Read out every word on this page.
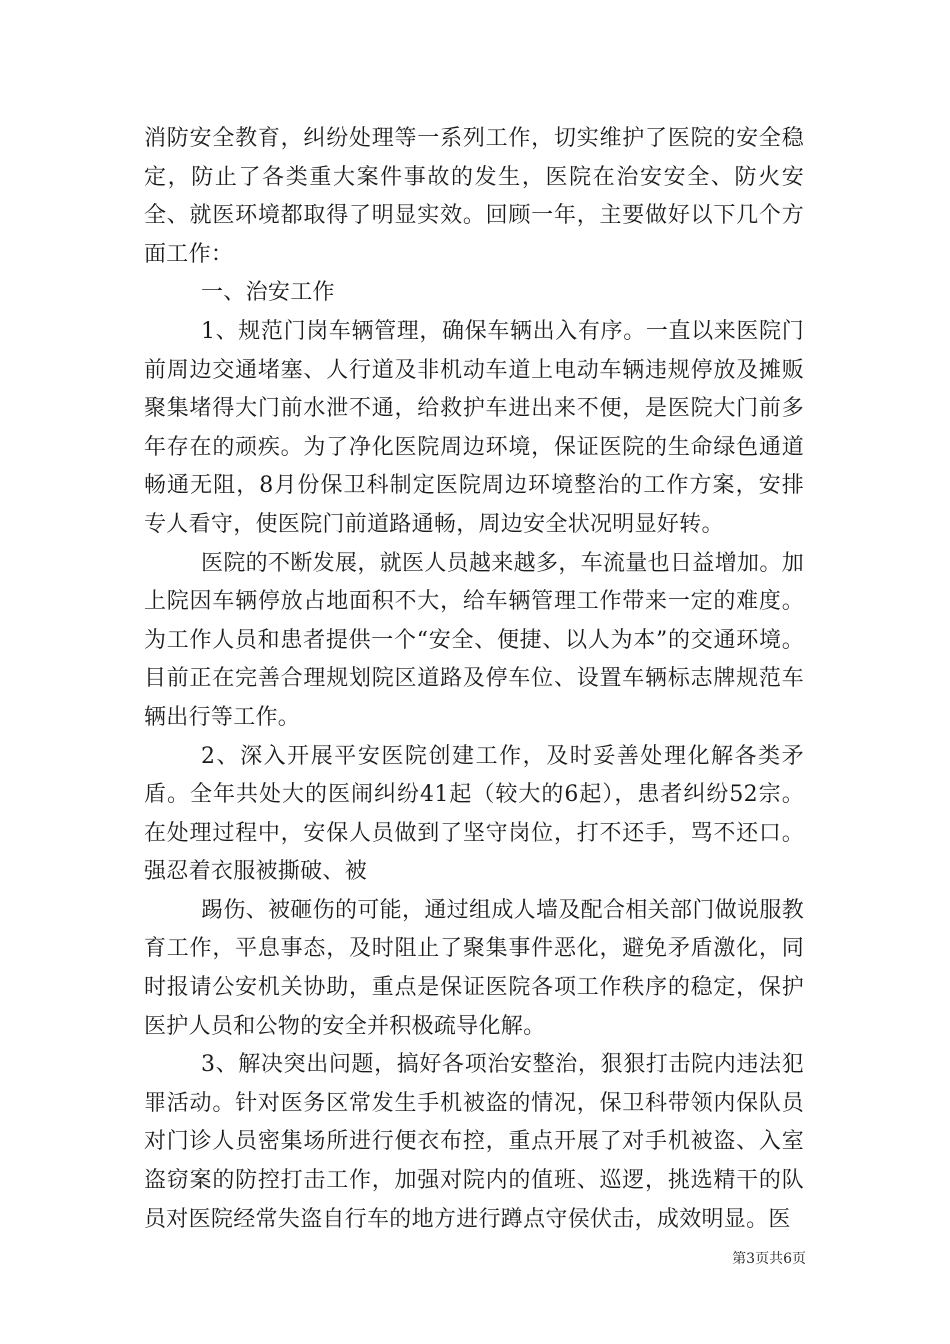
消防安全教育，纠纷处理等一系列工作，切实维护了医院的安全稳定，防止了各类重大案件事故的发生，医院在治安安全、防火安全、就医环境都取得了明显实效。回顾一年，主要做好以下几个方面工作：

一、治安工作

1、规范门岗车辆管理，确保车辆出入有序。一直以来医院门前周边交通堵塞、人行道及非机动车道上电动车辆违规停放及摊贩聚集堵得大门前水泄不通，给救护车进出来不便，是医院大门前多年存在的顽疾。为了净化医院周边环境，保证医院的生命绿色通道畅通无阻，8月份保卫科制定医院周边环境整治的工作方案，安排专人看守，使医院门前道路通畅，周边安全状况明显好转。

医院的不断发展，就医人员越来越多，车流量也日益增加。加上院因车辆停放占地面积不大，给车辆管理工作带来一定的难度。为工作人员和患者提供一个“安全、便捷、以人为本”的交通环境。目前正在完善合理规划院区道路及停车位、设置车辆标志牌规范车辆出行等工作。

2、深入开展平安医院创建工作，及时妥善处理化解各类矛盾。全年共处大的医闹纠纷41起（较大的6起），患者纠纷52宗。在处理过程中，安保人员做到了坚守岗位，打不还手，骂不还口。强忍着衣服被撕破、被

踢伤、被砸伤的可能，通过组成人墙及配合相关部门做说服教育工作，平息事态，及时阻止了聚集事件恶化，避免矛盾激化，同时报请公安机关协助，重点是保证医院各项工作秩序的稳定，保护医护人员和公物的安全并积极疏导化解。

3、解决突出问题，搞好各项治安整治，狠狠打击院内违法犯罪活动。针对医务区常发生手机被盗的情况，保卫科带领内保队员对门诊人员密集场所进行便衣布控，重点开展了对手机被盗、入室盗窃案的防控打击工作，加强对院内的值班、巡逻，挑选精干的队员对医院经常失盗自行车的地方进行蹲点守侯伏击，成效明显。医

第3页共6页
